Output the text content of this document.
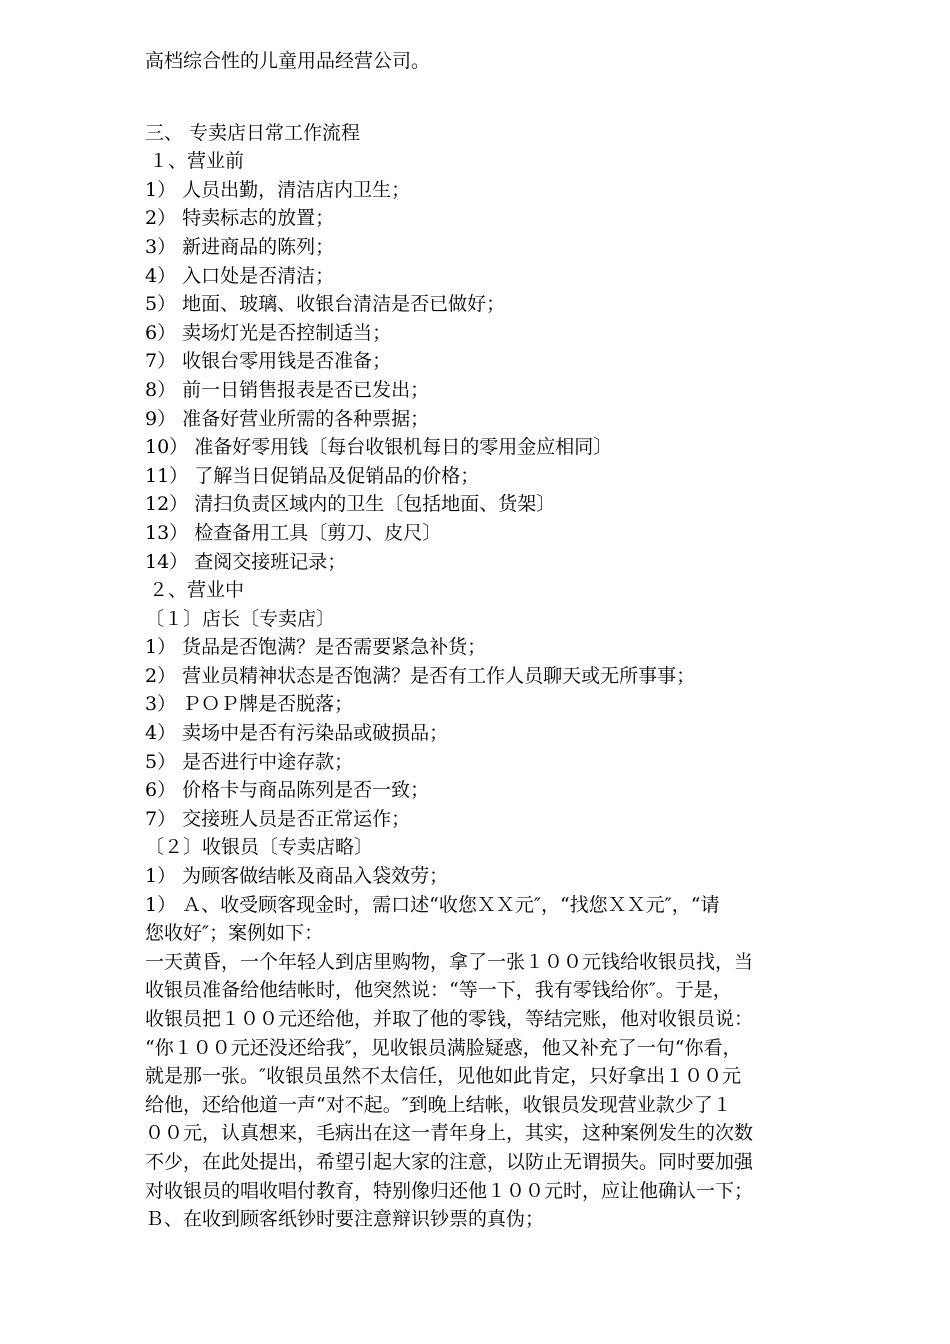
高档综合性的儿童用品经营公司。
三、 专卖店日常工作流程
１、营业前
1） 人员出勤，清洁店内卫生；
2） 特卖标志的放置；
3） 新进商品的陈列；
4） 入口处是否清洁；
5） 地面、玻璃、收银台清洁是否已做好；
6） 卖场灯光是否控制适当；
7） 收银台零用钱是否准备；
8） 前一日销售报表是否已发出；
9） 准备好营业所需的各种票据；
10） 准备好零用钱〔每台收银机每日的零用金应相同〕
11） 了解当日促销品及促销品的价格；
12） 清扫负责区域内的卫生〔包括地面、货架〕
13） 检查备用工具〔剪刀、皮尺〕
14） 查阅交接班记录；
２、营业中
〔１〕店长〔专卖店〕
1） 货品是否饱满？是否需要紧急补货；
2） 营业员精神状态是否饱满？是否有工作人员聊天或无所事事；
3） ＰＯＰ牌是否脱落；
4） 卖场中是否有污染品或破损品；
5） 是否进行中途存款；
6） 价格卡与商品陈列是否一致；
7） 交接班人员是否正常运作；
〔２〕收银员〔专卖店略〕
1） 为顾客做结帐及商品入袋效劳；
1） Ａ、收受顾客现金时，需口述“收您ＸＸ元″，“找您ＸＸ元″，“请
您收好″；案例如下：
一天黄昏，一个年轻人到店里购物，拿了一张１００元钱给收银员找，当
收银员准备给他结帐时，他突然说：“等一下，我有零钱给你″。于是，
收银员把１００元还给他，并取了他的零钱，等结完账，他对收银员说：
“你１００元还没还给我″，见收银员满脸疑惑，他又补充了一句“你看，
就是那一张。″收银员虽然不太信任，见他如此肯定，只好拿出１００元
给他，还给他道一声“对不起。″到晚上结帐，收银员发现营业款少了１
００元，认真想来，毛病出在这一青年身上，其实，这种案例发生的次数
不少，在此处提出，希望引起大家的注意，以防止无谓损失。同时要加强
对收银员的唱收唱付教育，特别像归还他１００元时，应让他确认一下；
Ｂ、在收到顾客纸钞时要注意辩识钞票的真伪；
